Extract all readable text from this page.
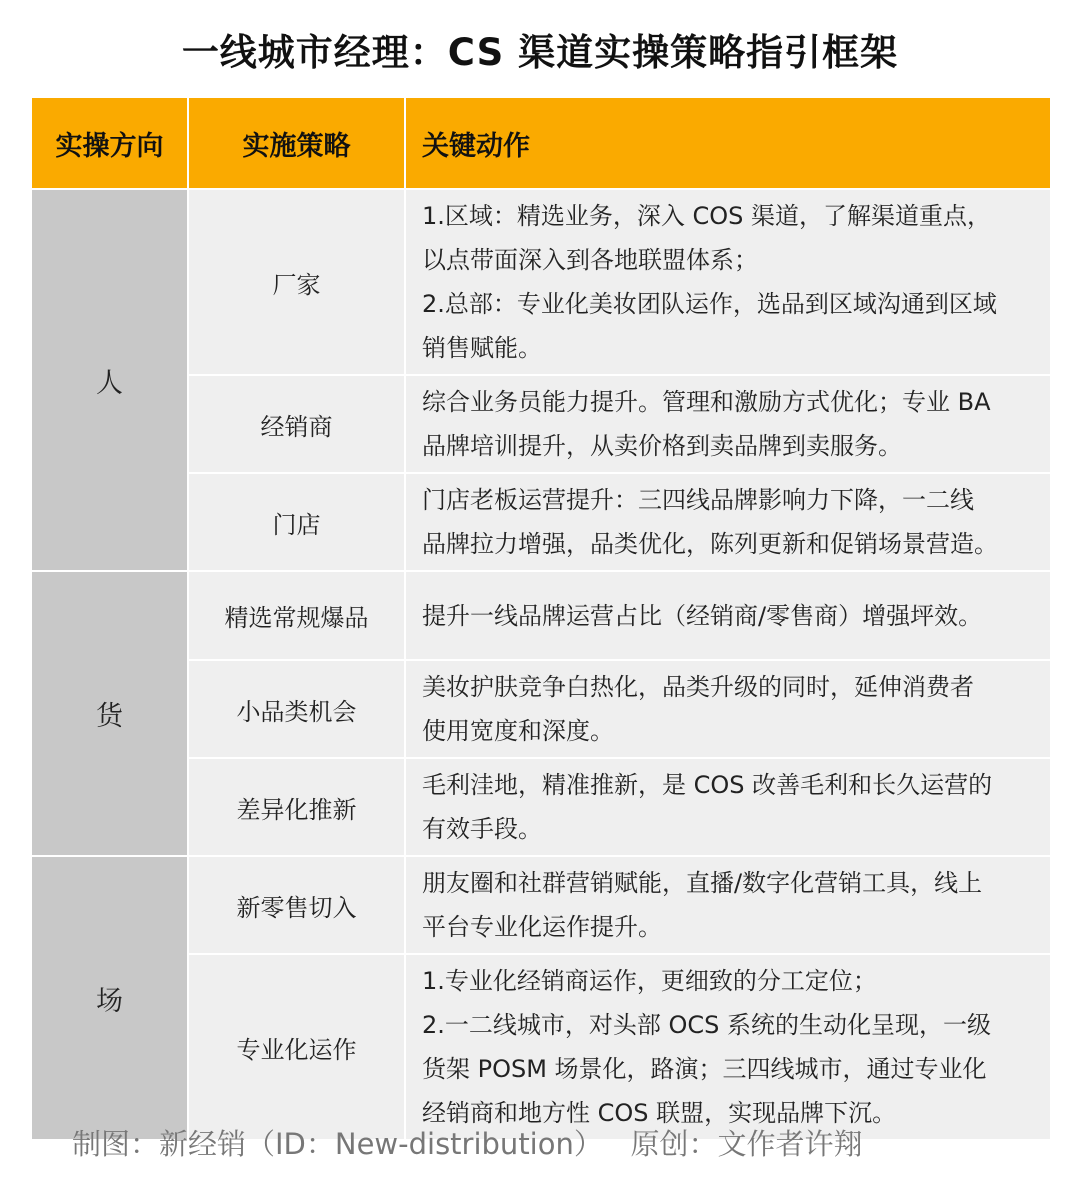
一线城市经理：CS 渠道实操策略指引框架
实操方向	实施策略	关键动作
人	厂家	1.区域：精选业务，深入 COS 渠道，了解渠道重点，
以点带面深入到各地联盟体系；
2.总部：专业化美妆团队运作，选品到区域沟通到区域
销售赋能。
	经销商	综合业务员能力提升。管理和激励方式优化；专业 BA
品牌培训提升，从卖价格到卖品牌到卖服务。
	门店	门店老板运营提升：三四线品牌影响力下降，一二线
品牌拉力增强，品类优化，陈列更新和促销场景营造。
货	精选常规爆品	提升一线品牌运营占比（经销商/零售商）增强坪效。
	小品类机会	美妆护肤竞争白热化，品类升级的同时，延伸消费者
使用宽度和深度。
	差异化推新	毛利洼地，精准推新，是 COS 改善毛利和长久运营的
有效手段。
场	新零售切入	朋友圈和社群营销赋能，直播/数字化营销工具，线上
平台专业化运作提升。
	专业化运作	1.专业化经销商运作，更细致的分工定位；
2.一二线城市，对头部 OCS 系统的生动化呈现，一级
货架 POSM 场景化，路演；三四线城市，通过专业化
经销商和地方性 COS 联盟，实现品牌下沉。
制图：新经销（ID：New-distribution）   原创：文作者许翔
